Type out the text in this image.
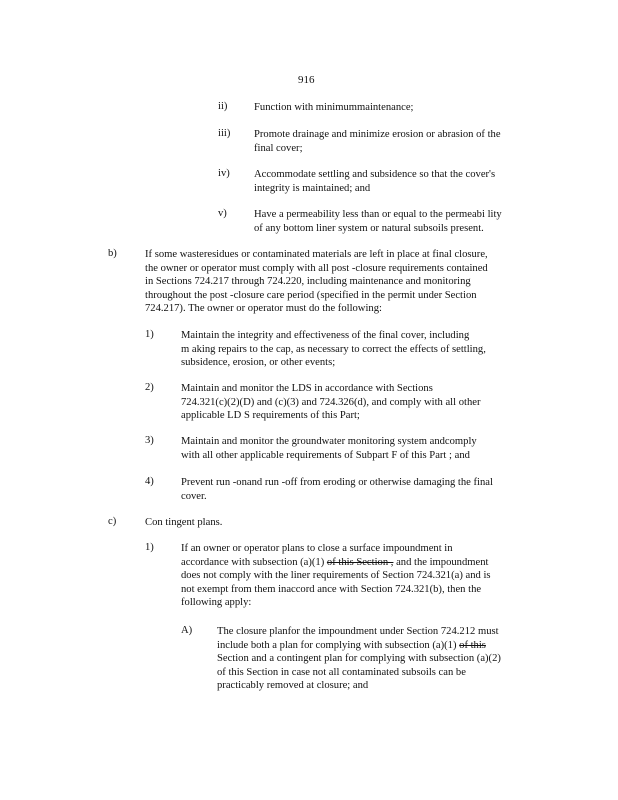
916
ii)	Function with minimummaintenance;

iii) Promote drainage and minimize erosion or abrasion of the

final cover;

iv) Accommodate settling and subsidence so that the cover's

integrity is maintained; and

v)	Have a permeability less than or equal to the permeabi lity

of any bottom liner system or natural subsoils present.

b)	If some wasteresidues or contaminated materials are left in place at final closure,

the owner or operator must comply with all post -closure requirements contained

in Sections 724.217 through 724.220, including maintenance and monitoring

throughout the post -closure care period (specified in the permit under Section

724.217). The owner or operator must do the following:

1)	Maintain the integrity and effectiveness of the final cover, including

m aking repairs to the cap, as necessary to correct the effects of settling,

subsidence, erosion, or other events;

2)	Maintain and monitor the LDS in accordance with Sections

724.321(c)(2)(D) and (c)(3) and 724.326(d), and comply with all other

applicable LD S requirements of this Part;

3)	Maintain and monitor the groundwater monitoring system andcomply

with all other applicable requirements of Subpart F of this Part ; and

4)	Prevent run -onand run -off from eroding or otherwise damaging the final

cover.

c)	Con tingent plans.
1)	If an owner or operator plans to close a surface impoundment in

accordance with subsection (a)(1) of this Section , and the impoundment

does not comply with the liner requirements of Section 724.321(a) and is

not exempt from them inaccord ance with Section 724.321(b), then the

following apply:

A) The closure planfor the impoundment under Section 724.212 must

include both a plan for complying with subsection (a)(1) of this

Section and a contingent plan for complying with subsection (a)(2)

of this Section in case not all contaminated subsoils can be

practicably removed at closure; and
